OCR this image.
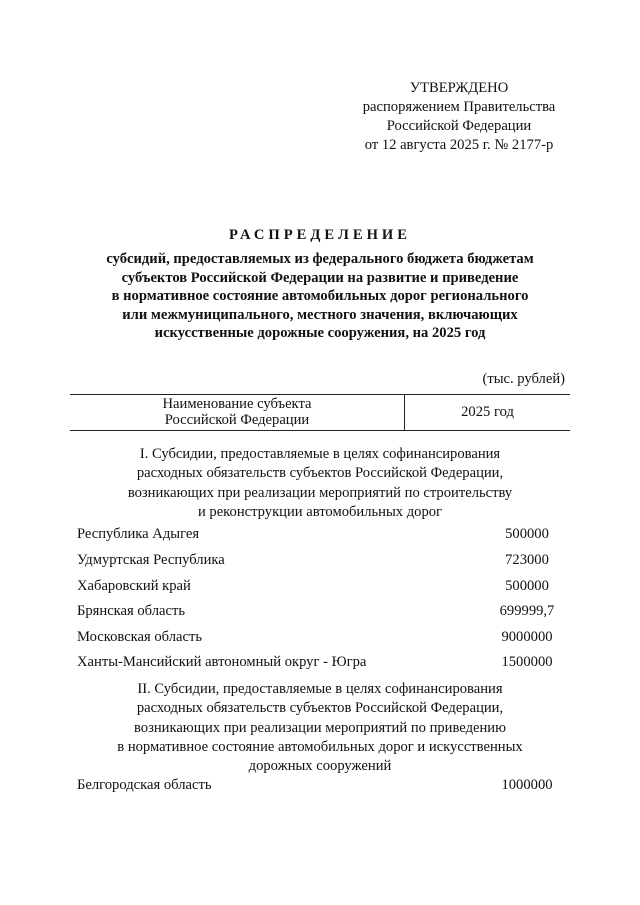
УТВЕРЖДЕНО
распоряжением Правительства
Российской Федерации
от 12 августа 2025 г. № 2177-р
РАСПРЕДЕЛЕНИЕ
субсидий, предоставляемых из федерального бюджета бюджетам
субъектов Российской Федерации на развитие и приведение
в нормативное состояние автомобильных дорог регионального
или межмуниципального, местного значения, включающих
искусственные дорожные сооружения, на 2025 год
(тыс. рублей)
Наименование субъекта
Российской Федерации	2025 год
I. Субсидии, предоставляемые в целях софинансирования
расходных обязательств субъектов Российской Федерации,
возникающих при реализации мероприятий по строительству
и реконструкции автомобильных дорог
Республика Адыгея	500000
Удмуртская Республика	723000
Хабаровский край	500000
Брянская область	699999,7
Московская область	9000000
Ханты-Мансийский автономный округ - Югра	1500000
II. Субсидии, предоставляемые в целях софинансирования
расходных обязательств субъектов Российской Федерации,
возникающих при реализации мероприятий по приведению
в нормативное состояние автомобильных дорог и искусственных
дорожных сооружений
Белгородская область	1000000
